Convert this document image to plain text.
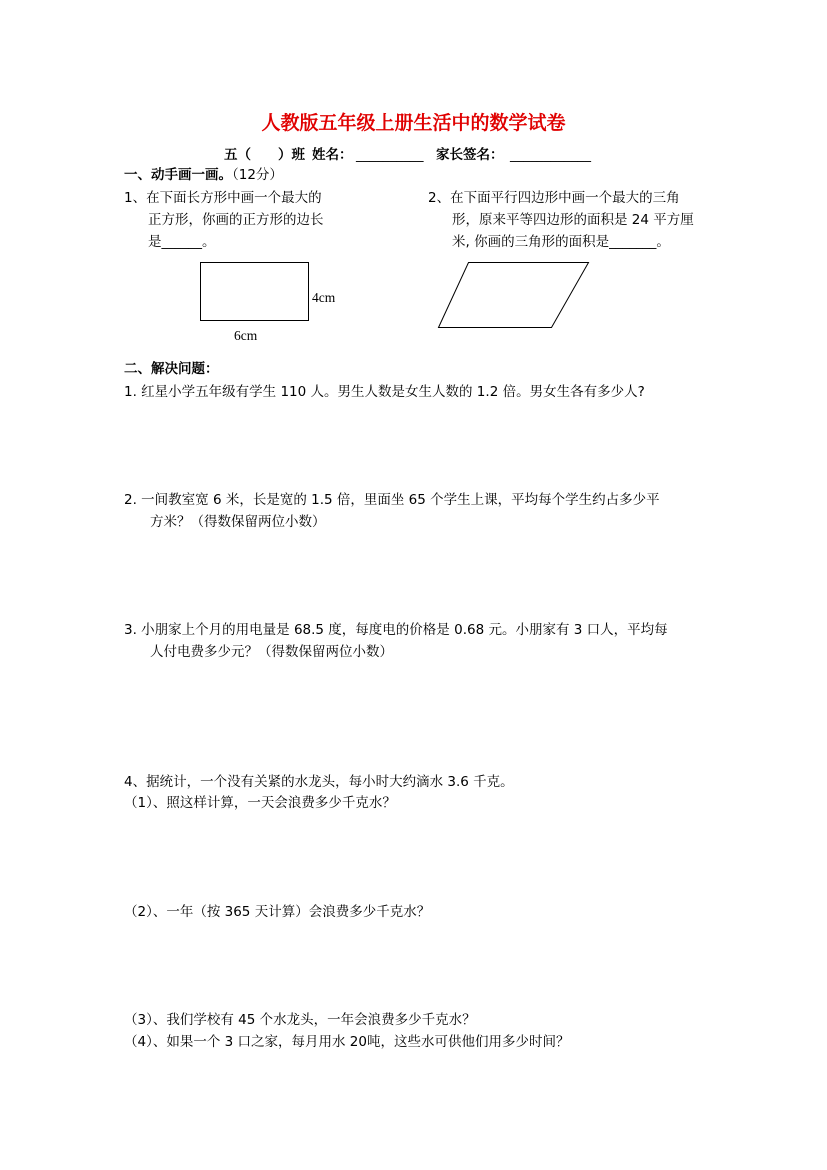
人教版五年级上册生活中的数学试卷
五（　　）班 姓名： __________ 家长签名： ____________
一、动手画一画。（12分）
1、在下面长方形中画一个最大的
正方形，你画的正方形的边长
是______。
2、在下面平行四边形中画一个最大的三角
形，原来平等四边形的面积是 24 平方厘
米, 你画的三角形的面积是_______。
4cm
6cm
二、解决问题：
1. 红星小学五年级有学生 110 人。男生人数是女生人数的 1.2 倍。男女生各有多少人?
2. 一间教室宽 6 米，长是宽的 1.5 倍，里面坐 65 个学生上课，平均每个学生约占多少平
方米？（得数保留两位小数）
3. 小朋家上个月的用电量是 68.5 度，每度电的价格是 0.68 元。小朋家有 3 口人，平均每
人付电费多少元？（得数保留两位小数）
4、据统计，一个没有关紧的水龙头，每小时大约滴水 3.6 千克。
（1）、照这样计算，一天会浪费多少千克水？
（2）、一年（按 365 天计算）会浪费多少千克水？
（3）、我们学校有 45 个水龙头，一年会浪费多少千克水？
（4）、如果一个 3 口之家，每月用水 20吨，这些水可供他们用多少时间？
